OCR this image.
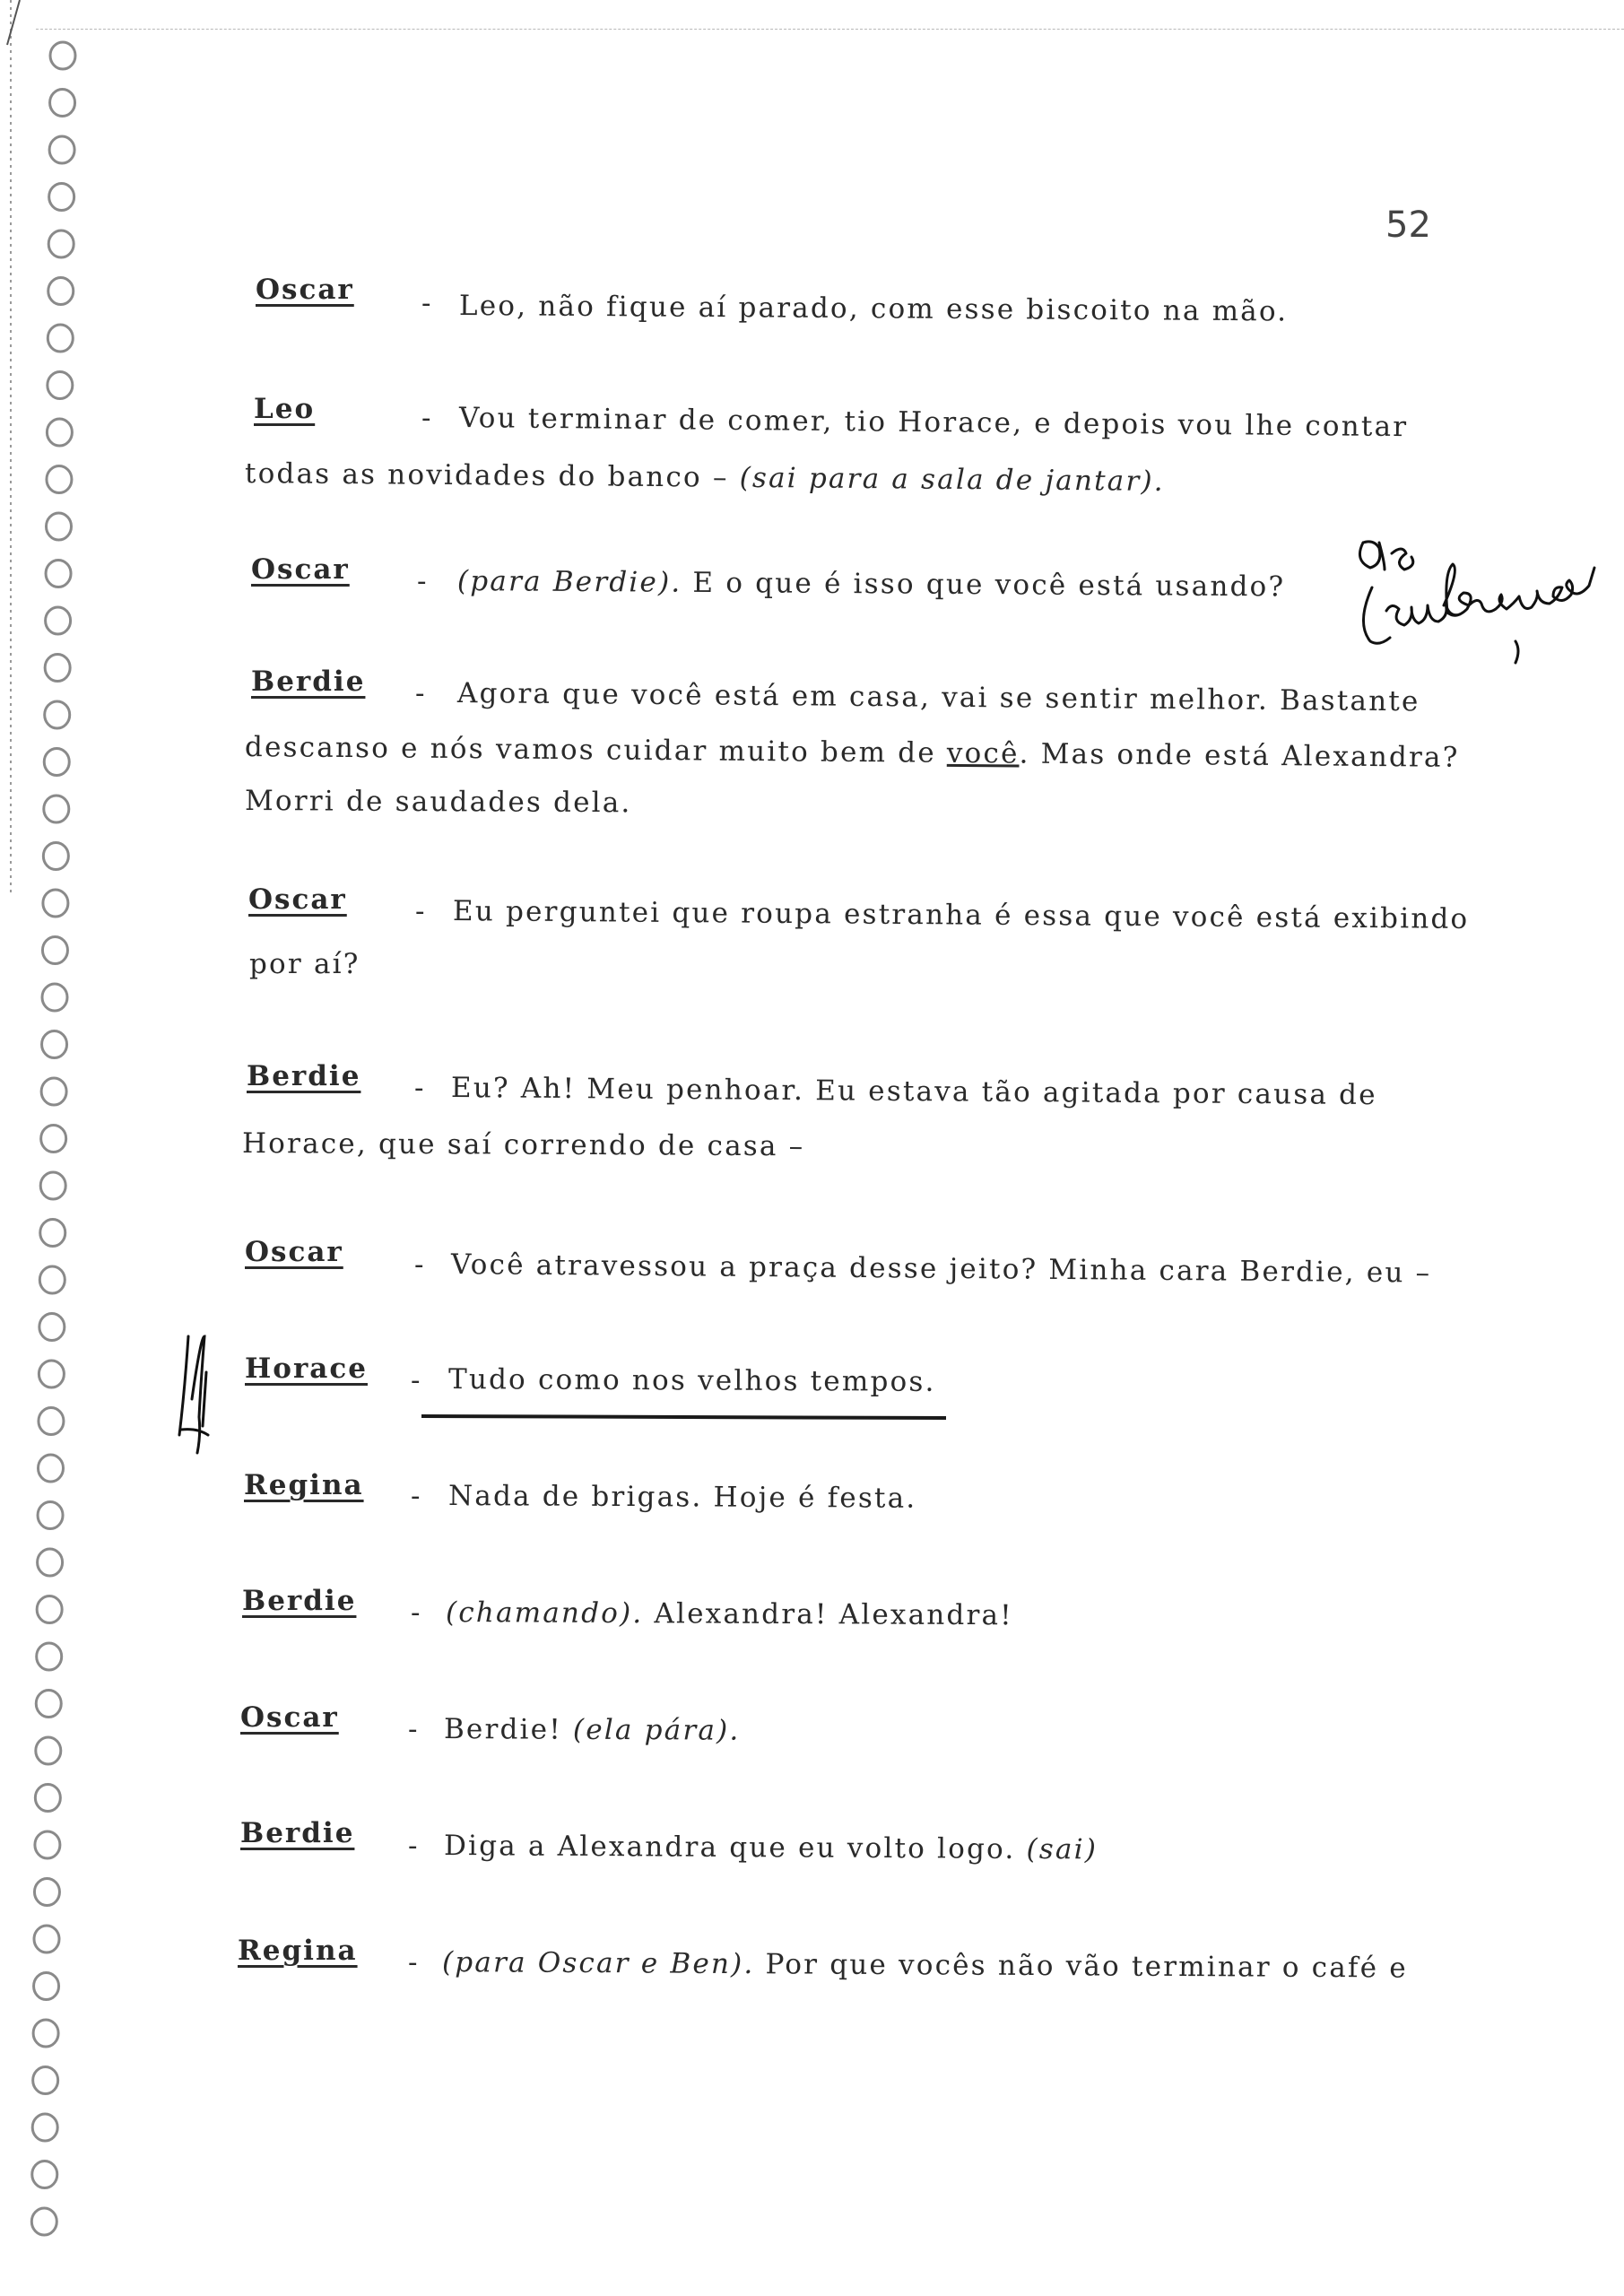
52
Oscar
Leo
Oscar
Berdie
Oscar
Berdie
Oscar
Horace
Regina
Berdie
Oscar
Berdie
Regina
-
-
-
-
-
-
-
-
-
-
-
-
-
Leo, não fique aí parado, com esse biscoito na mão.
Vou terminar de comer, tio Horace, e depois vou lhe contar
todas as novidades do banco – (sai para a sala de jantar).
(para Berdie). E o que é isso que você está usando?
Agora que você está em casa, vai se sentir melhor. Bastante
descanso e nós vamos cuidar muito bem de você. Mas onde está Alexandra?
Morri de saudades dela.
Eu perguntei que roupa estranha é essa que você está exibindo
por aí?
Eu? Ah! Meu penhoar. Eu estava tão agitada por causa de
Horace, que saí correndo de casa –
Você atravessou a praça desse jeito? Minha cara Berdie, eu –
Tudo como nos velhos tempos.
Nada de brigas. Hoje é festa.
(chamando). Alexandra! Alexandra!
Berdie! (ela pára).
Diga a Alexandra que eu volto logo. (sai)
(para Oscar e Ben). Por que vocês não vão terminar o café e
